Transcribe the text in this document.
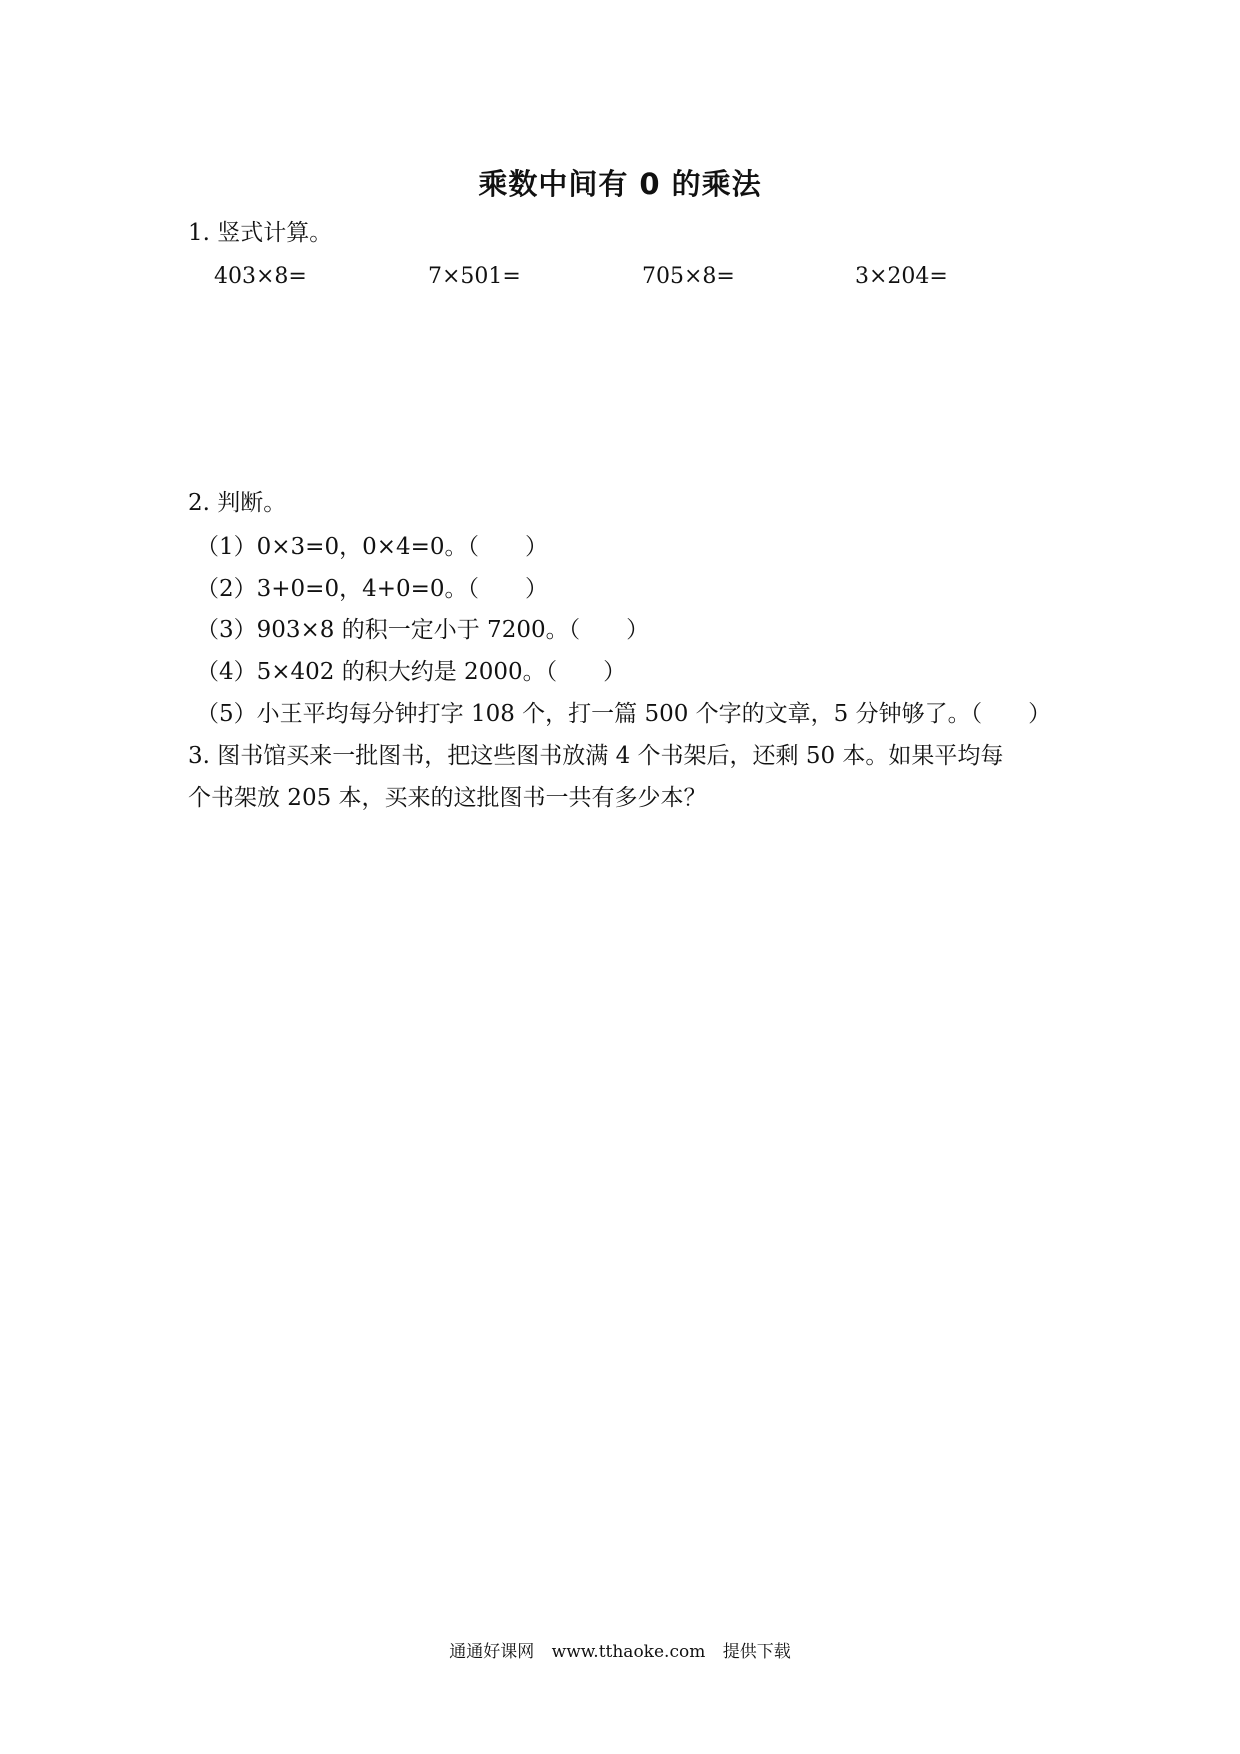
乘数中间有 0 的乘法
1. 竖式计算。
403×8=	7×501=	705×8=	3×204=
2. 判断。
（1）0×3=0，0×4=0。（　　）
（2）3+0=0，4+0=0。（　　）
（3）903×8 的积一定小于 7200。（　　）
（4）5×402 的积大约是 2000。（　　）
（5）小王平均每分钟打字 108 个，打一篇 500 个字的文章，5 分钟够了。（　　）
3. 图书馆买来一批图书，把这些图书放满 4 个书架后，还剩 50 本。如果平均每
个书架放 205 本，买来的这批图书一共有多少本？
通通好课网 www.tthaoke.com 提供下载
